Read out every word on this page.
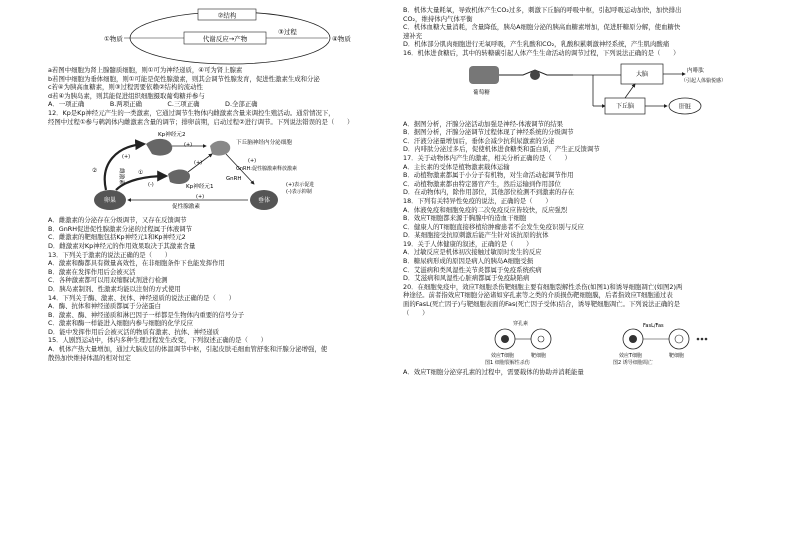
②结构
①物质	代谢反应→产物
③过程
④物质

a若图中细胞为肾上腺髓质细胞，则①可为神经递质，④可为肾上腺素

b若图中细胞为垂体细胞，则①可能是促性腺激素，则其会调节性腺发育，促进性激素生成和分泌

c若④为胰高血糖素，则③过程需要依赖②结构的流动性

d若④为胰岛素，则其能促进组织细胞摄取葡萄糖并参与

A．一项正确　　　　B.两项正确　　　　C.三项正确　　　　D.全部正确

12．Kp是Kp神经元产生的一类激素，它通过调节生物体内雌激素含量来调控生殖活动。通常情况下，

经图中过程①参与鹌鹑体内雌激素含量的调节；排卵前期，启动过程②进行调节。下列说法错误的是（　　）

Kp神经元2
下丘脑神经内分泌细胞
GnRH:促性腺激素释放激素
GnRH
Kp神经元1
卵巢	垂体
促性腺激素
(+)
②	①
(+)
(-)
(+)
(+)
(+)
雌激素
(+)表示促进
(-)表示抑制

A．雌激素的分泌存在分级调节，又存在反馈调节

B．GnRH促进促性腺激素分泌的过程属于体液调节

C．雌激素的靶细胞包括Kp神经元1和Kp神经元2

D．雌激素对Kp神经元的作用效果取决于其激素含量

13．下列关于激素的说法正确的是（　　）

A．激素和酶都具有微量高效性，在非细胞条件下也能发挥作用

B．激素在发挥作用后会被灭活

C．各种激素都可以用双缩脲试剂进行检测

D．胰岛素制剂、性激素均能以注射的方式使用

14．下列关于酶、激素、抗体、神经递质的说法正确的是（　　）

A．酶、抗体和神经递质都属于分泌蛋白

B．激素、酶、神经递质和淋巴因子一样都是生物体内重要的信号分子

C．激素和酶一样能进入细胞内参与细胞的化学反应

D．能中发挥作用后会被灭活的物质有激素、抗体、神经递质

15．人剧烈运动中，体内多种生理过程发生改变，下列叙述正确的是（　　）

A．机体产热大量增加，通过大脑皮层的体温调节中枢，引起皮肤毛细血管舒张和汗腺分泌增强，使

散热加快维持体温的相对恒定

B．机体大量耗氧，导致机体产生CO₂过多，刺激下丘脑的呼吸中枢，引起呼吸运动加快，加快排出

CO₂，维持体内气体平衡

C．机体血糖大量消耗，含量降低，胰岛A细胞分泌的胰高血糖素增加，促进肝糖原分解，使血糖快

速补充

D．机体部分肌肉细胞进行无氧呼吸，产生乳酸和CO₂，乳酸积累刺激神经系统，产生肌肉酸痛

16．机体进食糖后，其中的转糖碳引起人体产生生命活动的调节过程，下列说法正确的是（　　）

葡萄糖
大脑	内啡肽
（引起人体愉悦感）
下丘脑	肝脏

A．据图分析，汗腺分泌活动加强是神经-体液调节的结果

B．据图分析，汗腺分泌调节过程体现了神经系统的分级调节

C．汗液分泌量增加后，垂体会减少抗利尿激素的分泌

D．内啡肽分泌过多后，促使机体进食糖类和蛋白质，产生正反馈调节

17．关于动物体内产生的激素，相关分析正确的是（　　）

A．主长素的受体是植物激素载体运输

B．动植物激素都属于小分子有机物，对生命活动起调节作用

C．动植物激素都由特定器官产生，然后运输到作用部位

D．在动物体内，除作用部位，其他部位检测不到激素的存在

18．下列有关特异性免疫的说法，正确的是（　　）

A．体液免疫和细胞免疫的二次免疫反应皆较快，反应强烈

B．效应T细胞都来源于胸腺中的造血干细胞

C．健康人的T细胞直接移植给肿瘤患者不会发生免疫识别与反应

D．某细胞接受抗原刺激后能产生针对该抗原的抗体

19．关于人体健康的叙述，正确的是（　　）

A．过敏反应是机体初次接触过敏原时发生的反应

B．糖尿病形成的原因是病人的胰岛A细胞受损

C．艾滋病和类风湿性关节炎都属于免疫系统疾病

D．艾滋病和风湿性心脏病都属于免疫缺陷病

20．在细胞免疫中，效应T细胞杀伤靶细胞主要有细胞裂解性杀伤(如图1)和诱导细胞凋亡(如图2)两

种途径。前者指效应T细胞分泌诸如穿孔素等之类的介质损伤靶细胞膜，后者指效应T细胞通过表

面的FasL(死亡因子)与靶细胞表面的Fas(死亡因子受体)结合，诱导靶细胞凋亡。下列说法正确的是

（　　）

穿孔素
效应T细胞	靶细胞
FasL/Fas
效应T细胞	靶细胞
图1 细胞裂解性杀伤	图2 诱导细胞凋亡

A．效应T细胞分泌穿孔素的过程中，需要载体的协助并消耗能量
